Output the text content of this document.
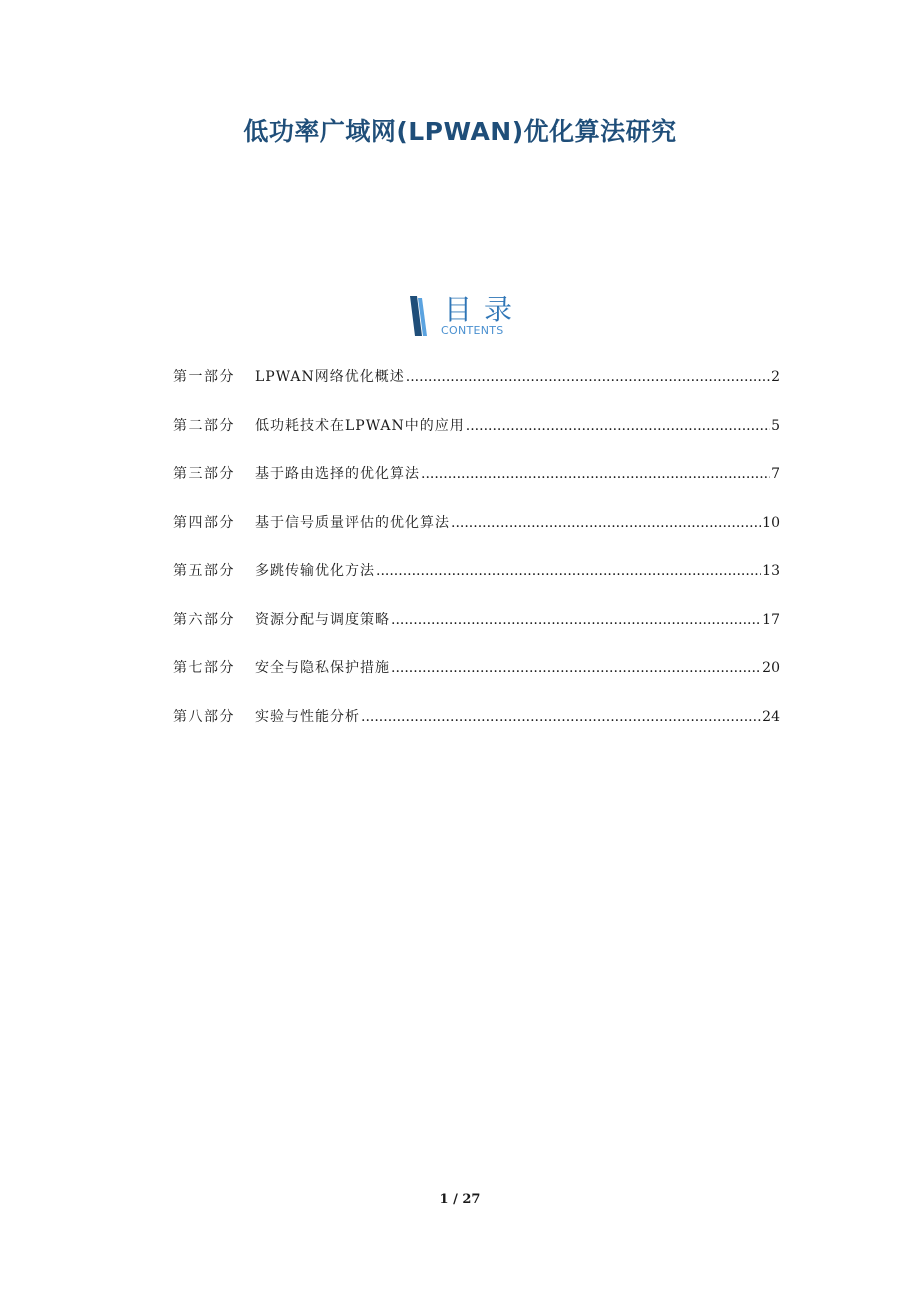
低功率广域网(LPWAN)优化算法研究
目录
CONTENTS
第一部分	LPWAN网络优化概述 .....	2
第二部分	低功耗技术在LPWAN中的应用 .....	5
第三部分	基于路由选择的优化算法 .....	7
第四部分	基于信号质量评估的优化算法 .....	10
第五部分	多跳传输优化方法 .....	13
第六部分	资源分配与调度策略 .....	17
第七部分	安全与隐私保护措施 .....	20
第八部分	实验与性能分析 .....	24
1 / 27
